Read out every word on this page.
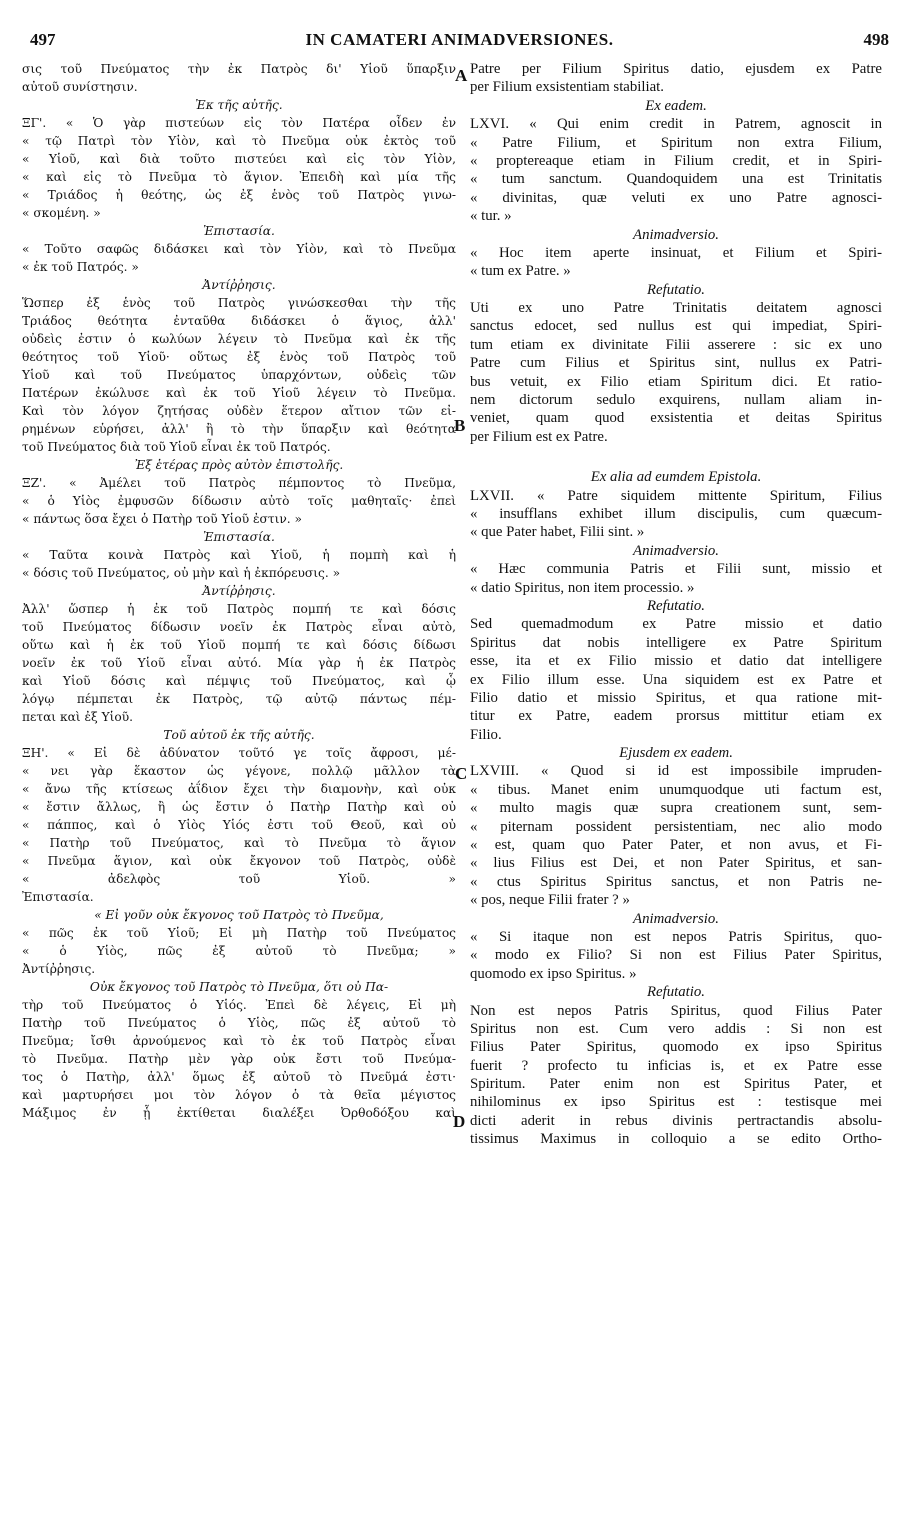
497	IN CAMATERI ANIMADVERSIONES.	498
σις τοῦ Πνεύματος τὴν ἐκ Πατρὸς δι' Υἱοῦ ὕπαρξιν
αὐτοῦ συνίστησιν.
Ἐκ τῆς αὐτῆς.
ΞΓ'. « Ὁ γὰρ πιστεύων εἰς τὸν Πατέρα οἶδεν ἐν
« τῷ Πατρὶ τὸν Υἱὸν, καὶ τὸ Πνεῦμα οὐκ ἐκτὸς τοῦ
« Υἱοῦ, καὶ διὰ τοῦτο πιστεύει καὶ εἰς τὸν Υἱὸν,
« καὶ εἰς τὸ Πνεῦμα τὸ ἅγιον. Ἐπειδὴ καὶ μία τῆς
« Τριάδος ἡ θεότης, ὡς ἐξ ἑνὸς τοῦ Πατρὸς γινω-
« σκομένη. »
Ἐπιστασία.
« Τοῦτο σαφῶς διδάσκει καὶ τὸν Υἱὸν, καὶ τὸ Πνεῦμα
« ἐκ τοῦ Πατρός. »
Ἀντίῤῥησις.
Ὥσπερ ἐξ ἑνὸς τοῦ Πατρὸς γινώσκεσθαι τὴν τῆς
Τριάδος θεότητα ἐνταῦθα διδάσκει ὁ ἅγιος, ἀλλ'
οὐδεὶς ἐστιν ὁ κωλύων λέγειν τὸ Πνεῦμα καὶ ἐκ τῆς
θεότητος τοῦ Υἱοῦ· οὕτως ἐξ ἑνὸς τοῦ Πατρὸς τοῦ
Υἱοῦ καὶ τοῦ Πνεύματος ὑπαρχόντων, οὐδεὶς τῶν
Πατέρων ἐκώλυσε καὶ ἐκ τοῦ Υἱοῦ λέγειν τὸ Πνεῦμα.
Καὶ τὸν λόγον ζητήσας οὐδὲν ἕτερον αἴτιον τῶν εἰ-
ρημένων εὑρήσει, ἀλλ' ἢ τὸ τὴν ὕπαρξιν καὶ θεότητα
τοῦ Πνεύματος διὰ τοῦ Υἱοῦ εἶναι ἐκ τοῦ Πατρός.
Ἐξ ἑτέρας πρὸς αὐτὸν ἐπιστολῆς.
ΞΖ'. « Ἀμέλει τοῦ Πατρὸς πέμποντος τὸ Πνεῦμα,
« ὁ Υἱὸς ἐμφυσῶν δίδωσιν αὐτὸ τοῖς μαθηταῖς· ἐπεὶ
« πάντως ὅσα ἔχει ὁ Πατὴρ τοῦ Υἱοῦ ἐστιν. »
Ἐπιστασία.
« Ταῦτα κοινὰ Πατρὸς καὶ Υἱοῦ, ἡ πομπὴ καὶ ἡ
« δόσις τοῦ Πνεύματος, οὐ μὴν καὶ ἡ ἐκπόρευσις. »
Ἀντίῤῥησις.
Ἀλλ' ὥσπερ ἡ ἐκ τοῦ Πατρὸς πομπή τε καὶ δόσις
τοῦ Πνεύματος δίδωσιν νοεῖν ἐκ Πατρὸς εἶναι αὐτὸ,
οὕτω καὶ ἡ ἐκ τοῦ Υἱοῦ πομπή τε καὶ δόσις δίδωσι
νοεῖν ἐκ τοῦ Υἱοῦ εἶναι αὐτό. Μία γὰρ ἡ ἐκ Πατρὸς
καὶ Υἱοῦ δόσις καὶ πέμψις τοῦ Πνεύματος, καὶ ᾧ
λόγῳ πέμπεται ἐκ Πατρὸς, τῷ αὐτῷ πάντως πέμ-
πεται καὶ ἐξ Υἱοῦ.
Τοῦ αὐτοῦ ἐκ τῆς αὐτῆς.
ΞΗ'. « Εἰ δὲ ἀδύνατον τοῦτό γε τοῖς ἄφροσι, μέ-
« νει γὰρ ἕκαστον ὡς γέγονε, πολλῷ μᾶλλον τὰ
« ἄνω τῆς κτίσεως ἀΐδιον ἔχει τὴν διαμονὴν, καὶ οὐκ
« ἔστιν ἄλλως, ἢ ὡς ἔστιν ὁ Πατὴρ Πατὴρ καὶ οὐ
« πάππος, καὶ ὁ Υἱὸς Υἱός ἐστι τοῦ Θεοῦ, καὶ οὐ
« Πατὴρ τοῦ Πνεύματος, καὶ τὸ Πνεῦμα τὸ ἅγιον
« Πνεῦμα ἅγιον, καὶ οὐκ ἔκγονον τοῦ Πατρὸς, οὐδὲ
« ἀδελφὸς τοῦ Υἱοῦ. »
Ἐπιστασία.
« Εἰ γοῦν οὐκ ἔκγονος τοῦ Πατρὸς τὸ Πνεῦμα,
« πῶς ἐκ τοῦ Υἱοῦ; Εἰ μὴ Πατὴρ τοῦ Πνεύματος
« ὁ Υἱὸς, πῶς ἐξ αὐτοῦ τὸ Πνεῦμα; »
Ἀντίῤῥησις.
Οὐκ ἔκγονος τοῦ Πατρὸς τὸ Πνεῦμα, ὅτι οὐ Πα-
τὴρ τοῦ Πνεύματος ὁ Υἱός. Ἐπεὶ δὲ λέγεις, Εἰ μὴ
Πατὴρ τοῦ Πνεύματος ὁ Υἱὸς, πῶς ἐξ αὐτοῦ τὸ
Πνεῦμα; ἴσθι ἀρνούμενος καὶ τὸ ἐκ τοῦ Πατρὸς εἶναι
τὸ Πνεῦμα. Πατὴρ μὲν γὰρ οὐκ ἔστι τοῦ Πνεύμα-
τος ὁ Πατὴρ, ἀλλ' ὅμως ἐξ αὐτοῦ τὸ Πνεῦμά ἐστι·
καὶ μαρτυρήσει μοι τὸν λόγον ὁ τὰ θεῖα μέγιστος
Μάξιμος ἐν ᾗ ἐκτίθεται διαλέξει Ὀρθοδόξου καὶ
Patre per Filium Spiritus datio, ejusdem ex Patre
per Filium exsistentiam stabiliat.
Ex eadem.
LXVI. « Qui enim credit in Patrem, agnoscit in
« Patre Filium, et Spiritum non extra Filium,
« proptereaque etiam in Filium credit, et in Spiri-
« tum sanctum. Quandoquidem una est Trinitatis
« divinitas, quæ veluti ex uno Patre agnosci-
« tur. »
Animadversio.
« Hoc item aperte insinuat, et Filium et Spiri-
« tum ex Patre. »
Refutatio.
Uti ex uno Patre Trinitatis deitatem agnosci
sanctus edocet, sed nullus est qui impediat, Spiri-
tum etiam ex divinitate Filii asserere : sic ex uno
Patre cum Filius et Spiritus sint, nullus ex Patri-
bus vetuit, ex Filio etiam Spiritum dici. Et ratio-
nem dictorum sedulo exquirens, nullam aliam in-
veniet, quam quod exsistentia et deitas Spiritus
per Filium est ex Patre.
Ex alia ad eumdem Epistola.
LXVII. « Patre siquidem mittente Spiritum, Filius
« insufflans exhibet illum discipulis, cum quæcum-
« que Pater habet, Filii sint. »
Animadversio.
« Hæc communia Patris et Filii sunt, missio et
« datio Spiritus, non item processio. »
Refutatio.
Sed quemadmodum ex Patre missio et datio
Spiritus dat nobis intelligere ex Patre Spiritum
esse, ita et ex Filio missio et datio dat intelligere
ex Filio illum esse. Una siquidem est ex Patre et
Filio datio et missio Spiritus, et qua ratione mit-
titur ex Patre, eadem prorsus mittitur etiam ex
Filio.
Ejusdem ex eadem.
LXVIII. « Quod si id est impossibile impruden-
« tibus. Manet enim unumquodque uti factum est,
« multo magis quæ supra creationem sunt, sem-
« piternam possident persistentiam, nec alio modo
« est, quam quo Pater Pater, et non avus, et Fi-
« lius Filius est Dei, et non Pater Spiritus, et san-
« ctus Spiritus Spiritus sanctus, et non Patris ne-
« pos, neque Filii frater ? »
Animadversio.
« Si itaque non est nepos Patris Spiritus, quo-
« modo ex Filio? Si non est Filius Pater Spiritus,
quomodo ex ipso Spiritus. »
Refutatio.
Non est nepos Patris Spiritus, quod Filius Pater
Spiritus non est. Cum vero addis : Si non est
Filius Pater Spiritus, quomodo ex ipso Spiritus
fuerit ? profecto tu inficias is, et ex Patre esse
Spiritum. Pater enim non est Spiritus Pater, et
nihilominus ex ipso Spiritus est : testisque mei
dicti aderit in rebus divinis pertractandis absolu-
tissimus Maximus in colloquio a se edito Ortho-
A
B
C
D
